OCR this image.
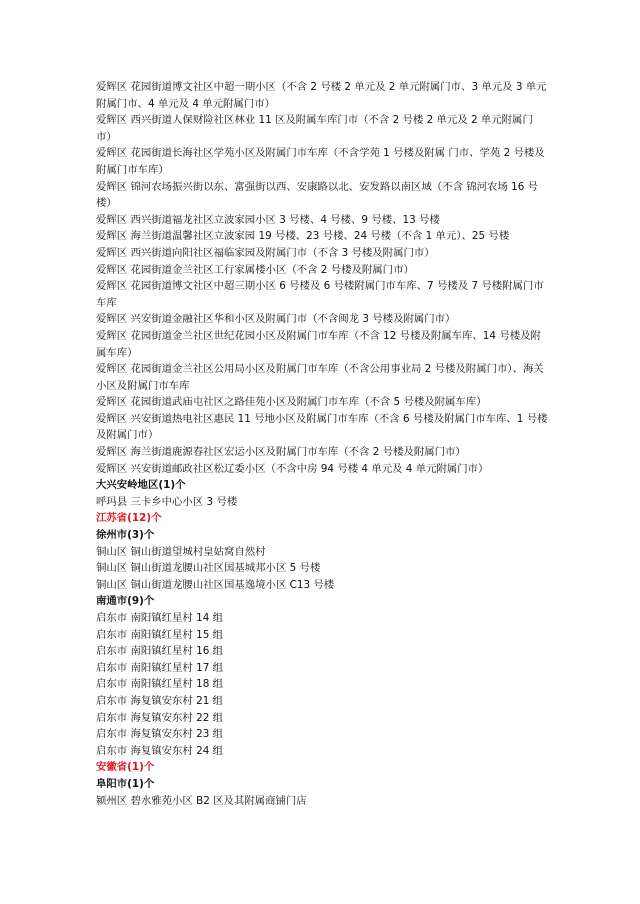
爱辉区 花园街道博文社区中超一期小区（不含 2 号楼 2 单元及 2 单元附属门市、3 单元及 3 单元附属门市、4 单元及 4 单元附属门市）

爱辉区 西兴街道人保财险社区林业 11 区及附属车库门市（不含 2 号楼 2 单元及 2 单元附属门市）

爱辉区 花园街道长海社区学苑小区及附属门市车库（不含学苑 1 号楼及附属 门市、学苑 2 号楼及附属门市车库）

爱辉区 锦河农场振兴街以东、富强街以西、安康路以北、安发路以南区域（不含 锦河农场 16 号楼）

爱辉区 西兴街道福龙社区立波家园小区 3 号楼、4 号楼、9 号楼、13 号楼

爱辉区 海兰街道温馨社区立波家园 19 号楼、23 号楼、24 号楼（不含 1 单元）、25 号楼

爱辉区 西兴街道向阳社区福临家园及附属门市（不含 3 号楼及附属门市）

爱辉区 花园街道金兰社区工行家属楼小区（不含 2 号楼及附属门市）

爱辉区 花园街道博文社区中超三期小区 6 号楼及 6 号楼附属门市车库、7 号楼及 7 号楼附属门市车库

爱辉区 兴安街道金融社区华和小区及附属门市（不含闽龙 3 号楼及附属门市）

爱辉区 花园街道金兰社区世纪花园小区及附属门市车库（不含 12 号楼及附属车库、14 号楼及附属车库）

爱辉区 花园街道金兰社区公用局小区及附属门市车库（不含公用事业局 2 号楼及附属门市）、海关小区及附属门市车库

爱辉区 花园街道武庙屯社区之路佳苑小区及附属门市车库（不含 5 号楼及附属车库）

爱辉区 兴安街道热电社区惠民 11 号地小区及附属门市车库（不含 6 号楼及附属门市车库、1 号楼及附属门市）

爱辉区 海兰街道鹿源春社区宏运小区及附属门市车库（不含 2 号楼及附属门市）

爱辉区 兴安街道邮政社区松辽委小区（不含中房 94 号楼 4 单元及 4 单元附属门市）

大兴安岭地区(1)个

呼玛县 三卡乡中心小区 3 号楼

江苏省(12)个

徐州市(3)个

铜山区 铜山街道望城村皇姑窝自然村

铜山区 铜山街道龙腰山社区国基城邦小区 5 号楼

铜山区 铜山街道龙腰山社区国基逸境小区 C13 号楼

南通市(9)个

启东市 南阳镇红星村 14 组

启东市 南阳镇红星村 15 组

启东市 南阳镇红星村 16 组

启东市 南阳镇红星村 17 组

启东市 南阳镇红星村 18 组

启东市 海复镇安东村 21 组

启东市 海复镇安东村 22 组

启东市 海复镇安东村 23 组

启东市 海复镇安东村 24 组

安徽省(1)个

阜阳市(1)个

颍州区 碧水雅苑小区 B2 区及其附属商铺门店
